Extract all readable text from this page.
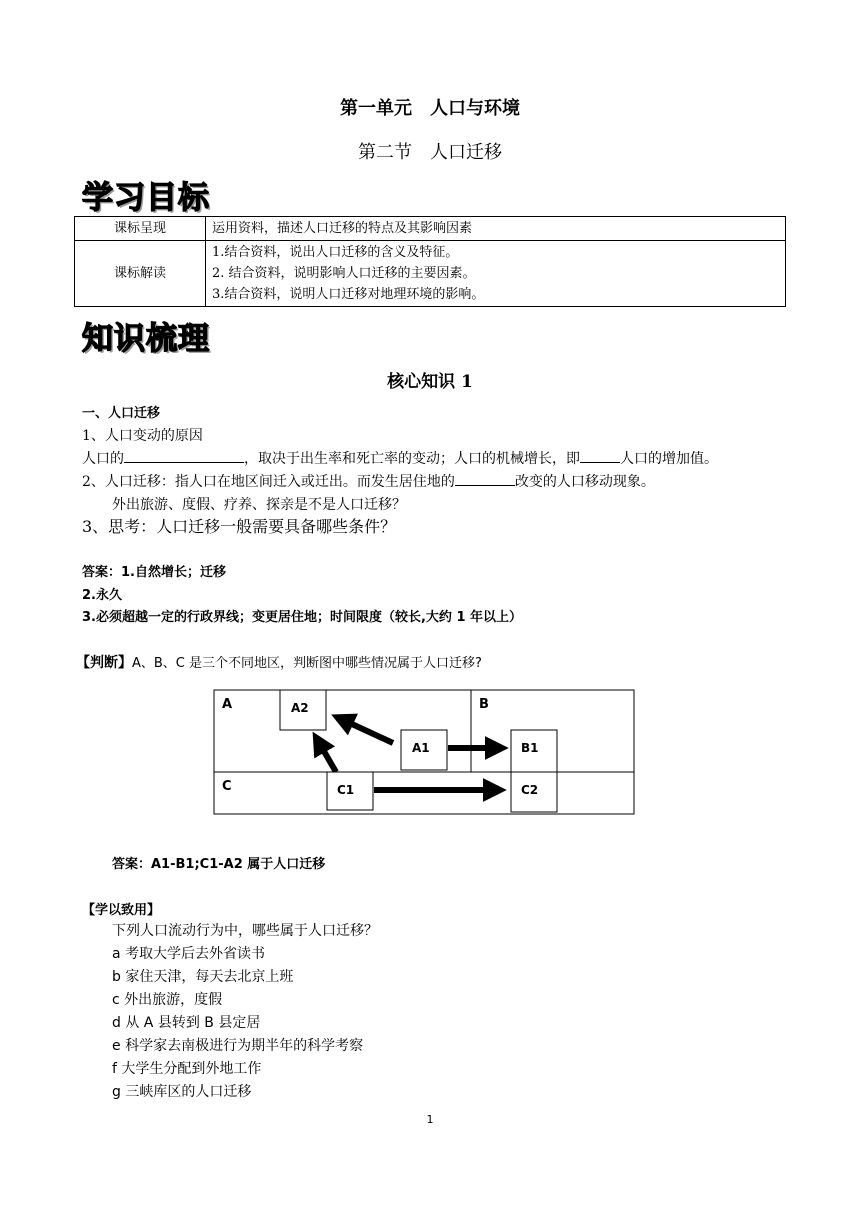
第一单元　人口与环境
第二节　人口迁移
学习目标
课标呈现	运用资料，描述人口迁移的特点及其影响因素
课标解读	1.结合资料，说出人口迁移的含义及特征。
2. 结合资料，说明影响人口迁移的主要因素。
3.结合资料，说明人口迁移对地理环境的影响。
知识梳理
核心知识 1
一、人口迁移
1、人口变动的原因
人口的	，取决于出生率和死亡率的变动；人口的机械增长，即	人口的增加值。
2、人口迁移：指人口在地区间迁入或迁出。而发生居住地的	改变的人口移动现象。
外出旅游、度假、疗养、探亲是不是人口迁移？
3、思考：人口迁移一般需要具备哪些条件？
答案：1.自然增长；迁移
2.永久
3.必须超越一定的行政界线；变更居住地；时间限度（较长,大约 1 年以上）
【判断】A、B、C 是三个不同地区，判断图中哪些情况属于人口迁移?
A	B
C
A2
A1	B1
C1	C2
答案：A1-B1;C1-A2 属于人口迁移
【学以致用】
下列人口流动行为中，哪些属于人口迁移？
a 考取大学后去外省读书
b 家住天津，每天去北京上班
c 外出旅游，度假
d 从 A 县转到 B 县定居
e 科学家去南极进行为期半年的科学考察
f 大学生分配到外地工作
g 三峡库区的人口迁移
1
